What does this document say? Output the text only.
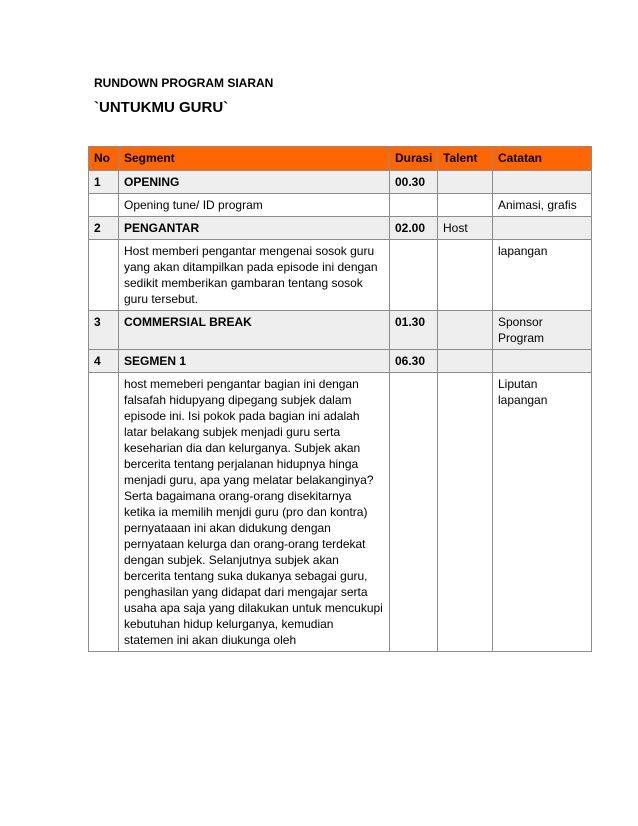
RUNDOWN PROGRAM SIARAN
`UNTUKMU GURU`
No	Segment	Durasi	Talent	Catatan
1	OPENING	00.30		
	Opening tune/ ID program			Animasi, grafis
2	PENGANTAR	02.00	Host	
	Host memberi pengantar mengenai sosok guru yang akan ditampilkan pada episode ini dengan sedikit memberikan gambaran tentang sosok guru tersebut.			lapangan
3	COMMERSIAL BREAK	01.30		Sponsor Program
4	SEGMEN 1	06.30		
	host memeberi pengantar bagian ini dengan falsafah hidupyang dipegang subjek dalam episode ini. Isi pokok pada bagian ini adalah latar belakang subjek menjadi guru serta keseharian dia dan kelurganya. Subjek akan bercerita tentang perjalanan hidupnya hinga menjadi guru, apa yang melatar belakanginya? Serta bagaimana orang-orang disekitarnya ketika ia memilih menjdi guru (pro dan kontra) pernyataaan ini akan didukung dengan pernyataan kelurga dan orang-orang terdekat dengan subjek. Selanjutnya subjek akan bercerita tentang suka dukanya sebagai guru, penghasilan yang didapat dari mengajar serta usaha apa saja yang dilakukan untuk mencukupi kebutuhan hidup kelurganya, kemudian statemen ini akan diukunga oleh			Liputan lapangan
